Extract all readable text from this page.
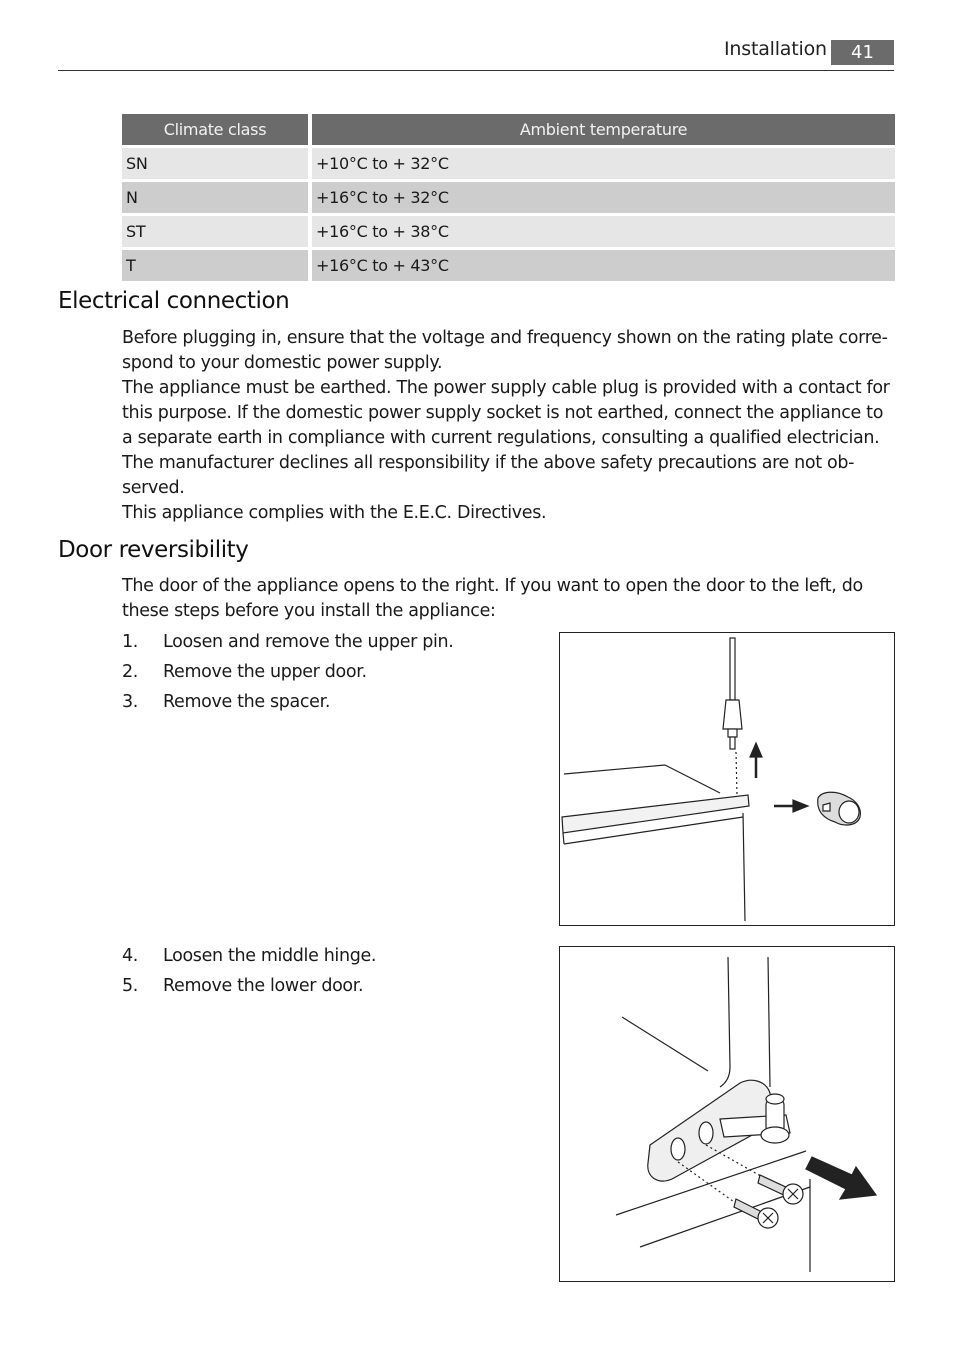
Installation	41
Climate class		Ambient temperature
SN		+10°C to + 32°C
N		+16°C to + 32°C
ST		+16°C to + 38°C
T		+16°C to + 43°C
Electrical connection

Before plugging in, ensure that the voltage and frequency shown on the rating plate corre-spond to your domestic power supply.

The appliance must be earthed. The power supply cable plug is provided with a contact for this purpose. If the domestic power supply socket is not earthed, connect the appliance to a separate earth in compliance with current regulations, consulting a qualified electrician.

The manufacturer declines all responsibility if the above safety precautions are not ob-served.

This appliance complies with the E.E.C. Directives.

Door reversibility
The door of the appliance opens to the right. If you want to open the door to the left, do these steps before you install the appliance:
1. Loosen and remove the upper pin.
2. Remove the upper door.
3. Remove the spacer.
4. Loosen the middle hinge.
5. Remove the lower door.
